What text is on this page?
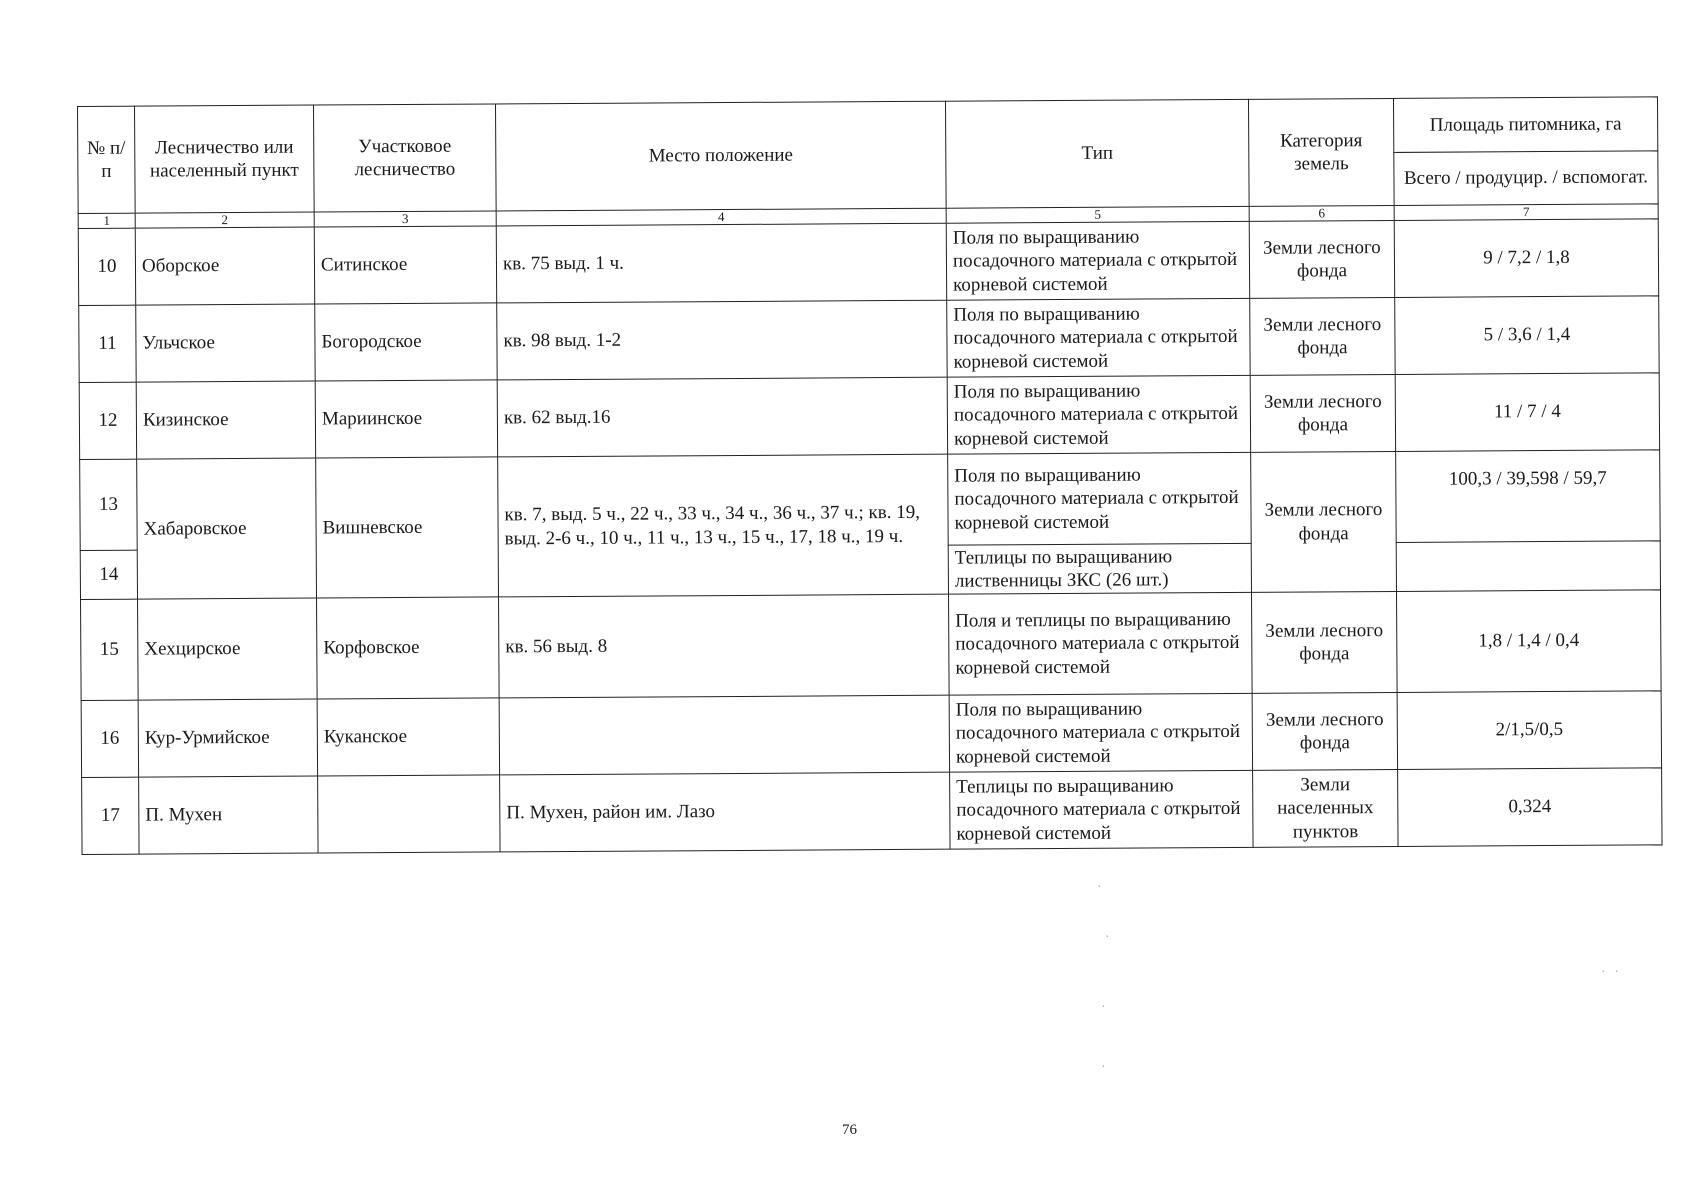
№ п/п	Лесничество или населенный пункт	Участковое лесничество	Место положение	Тип	Категория земель	Площадь питомника, га
						Всего / продуцир. / вспомогат.
1	2	3	4	5	6	7
10	Оборское	Ситинское	кв. 75 выд. 1 ч.	Поля по выращиванию посадочного материала с открытой корневой системой	Земли лесного фонда	9 / 7,2 / 1,8
11	Ульчское	Богородское	кв. 98 выд. 1-2	Поля по выращиванию посадочного материала с открытой корневой системой	Земли лесного фонда	5 / 3,6 / 1,4
12	Кизинское	Мариинское	кв. 62 выд.16	Поля по выращиванию посадочного материала с открытой корневой системой	Земли лесного фонда	11 / 7 / 4
13	Хабаровское	Вишневское	кв. 7, выд. 5 ч., 22 ч., 33 ч., 34 ч., 36 ч., 37 ч.; кв. 19, выд. 2-6 ч., 10 ч., 11 ч., 13 ч., 15 ч., 17, 18 ч., 19 ч.	Поля по выращиванию посадочного материала с открытой корневой системой	Земли лесного фонда	100,3 / 39,598 / 59,7
14				Теплицы по выращиванию лиственницы ЗКС (26 шт.)		
15	Хехцирское	Корфовское	кв. 56 выд. 8	Поля и теплицы по выращиванию посадочного материала с открытой корневой системой	Земли лесного фонда	1,8 / 1,4 / 0,4
16	Кур-Урмийское	Куканское		Поля по выращиванию посадочного материала с открытой корневой системой	Земли лесного фонда	2/1,5/0,5
17	П. Мухен		П. Мухен, район им. Лазо	Теплицы по выращиванию посадочного материала с открытой корневой системой	Земли населенных пунктов	0,324
76
·
·
·
·
· ·
